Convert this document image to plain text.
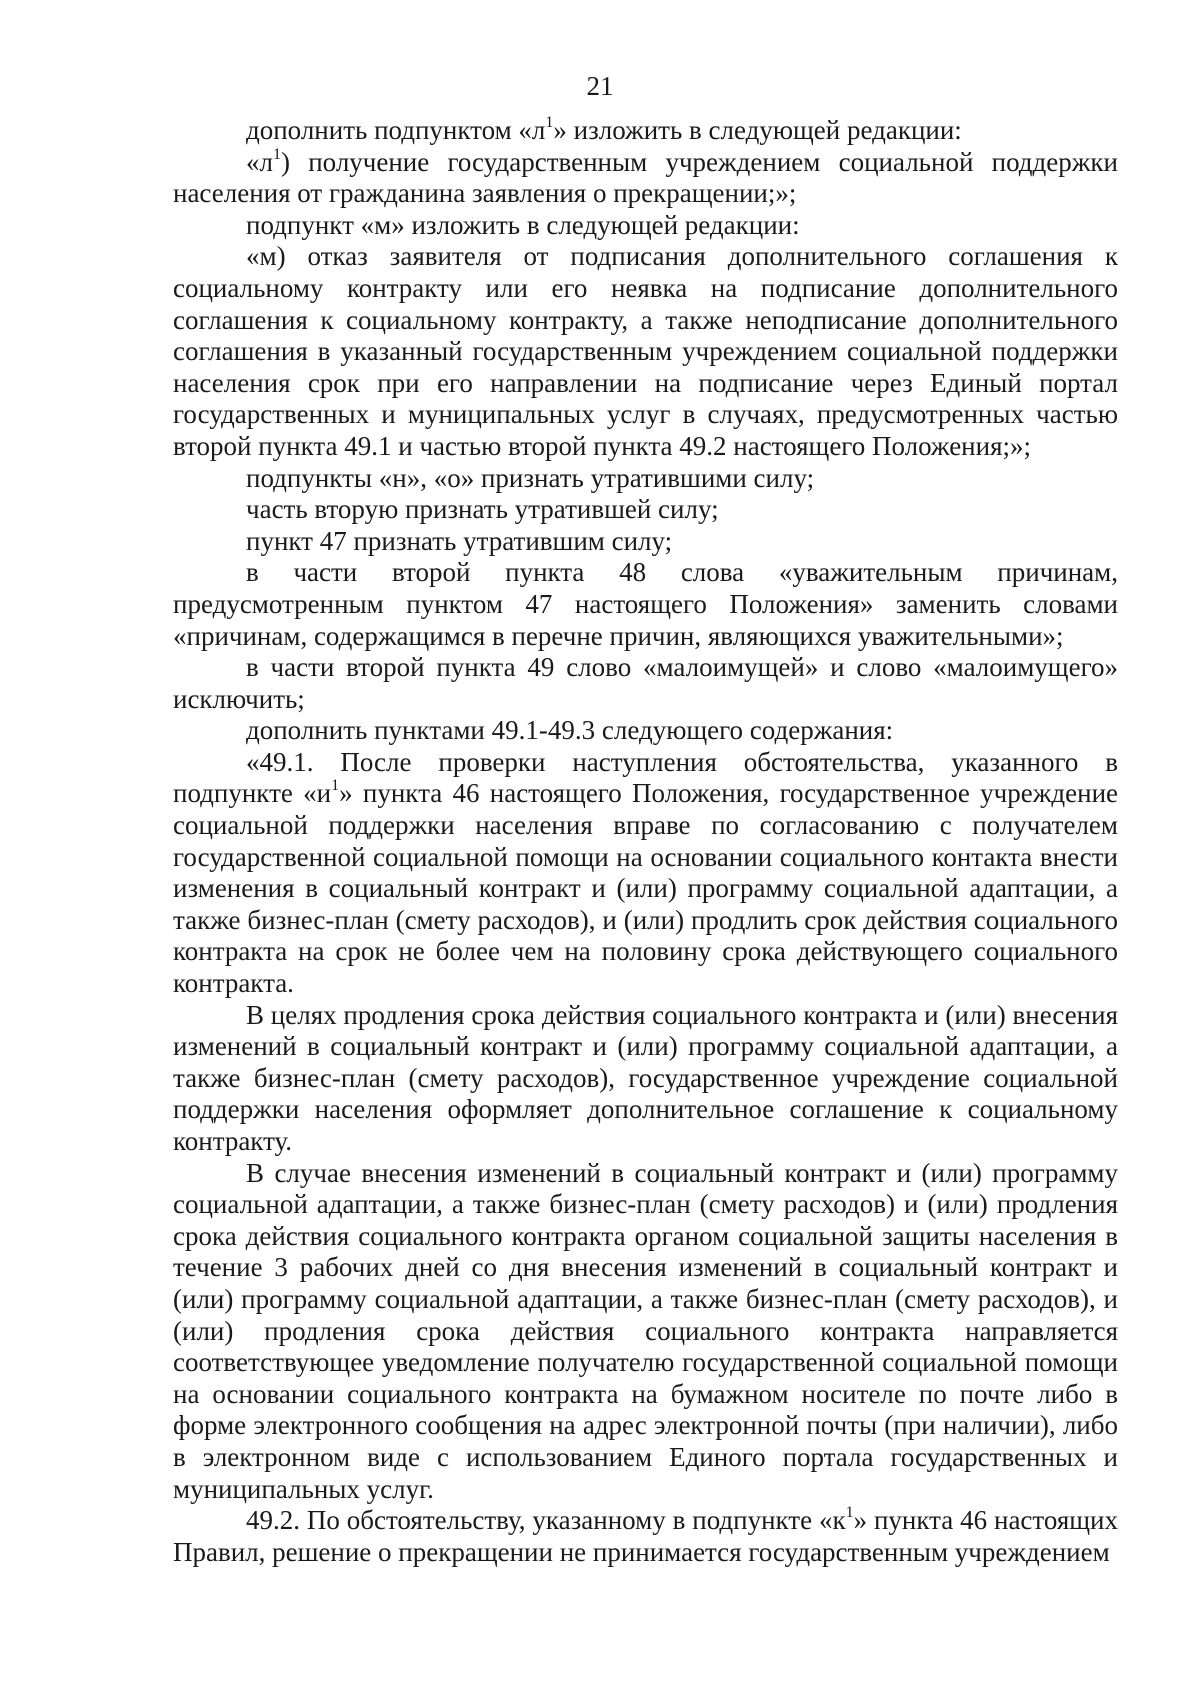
21

дополнить подпунктом «$л^1$» изложить в следующей редакции:

«$л^1$) получение государственным учреждением социальной поддержки населения от гражданина заявления о прекращении;»;

подпункт «м» изложить в следующей редакции:

«м) отказ заявителя от подписания дополнительного соглашения к социальному контракту или его неявка на подписание дополнительного соглашения к социальному контракту, а также неподписание дополнительного соглашения в указанный государственным учреждением социальной поддержки населения срок при его направлении на подписание через Единый портал государственных и муниципальных услуг в случаях, предусмотренных частью второй пункта 49.1 и частью второй пункта 49.2 настоящего Положения;»;

подпункты «н», «о» признать утратившими силу;

часть вторую признать утратившей силу;

пункт 47 признать утратившим силу;

в части второй пункта 48 слова «уважительным причинам, предусмотренным пунктом 47 настоящего Положения» заменить словами «причинам, содержащимся в перечне причин, являющихся уважительными»;

в части второй пункта 49 слово «малоимущей» и слово «малоимущего» исключить;

дополнить пунктами 49.1-49.3 следующего содержания:

«49.1. После проверки наступления обстоятельства, указанного в подпункте «$и^1$» пункта 46 настоящего Положения, государственное учреждение социальной поддержки населения вправе по согласованию с получателем государственной социальной помощи на основании социального контакта внести изменения в социальный контракт и (или) программу социальной адаптации, а также бизнес-план (смету расходов), и (или) продлить срок действия социального контракта на срок не более чем на половину срока действующего социального контракта.

В целях продления срока действия социального контракта и (или) внесения изменений в социальный контракт и (или) программу социальной адаптации, а также бизнес-план (смету расходов), государственное учреждение социальной поддержки населения оформляет дополнительное соглашение к социальному контракту.

В случае внесения изменений в социальный контракт и (или) программу социальной адаптации, а также бизнес-план (смету расходов) и (или) продления срока действия социального контракта органом социальной защиты населения в течение 3 рабочих дней со дня внесения изменений в социальный контракт и (или) программу социальной адаптации, а также бизнес-план (смету расходов), и (или) продления срока действия социального контракта направляется соответствующее уведомление получателю государственной социальной помощи на основании социального контракта на бумажном носителе по почте либо в форме электронного сообщения на адрес электронной почты (при наличии), либо в электронном виде с использованием Единого портала государственных и муниципальных услуг.

49.2. По обстоятельству, указанному в подпункте «$к^1$» пункта 46 настоящих Правил, решение о прекращении не принимается государственным учреждением
